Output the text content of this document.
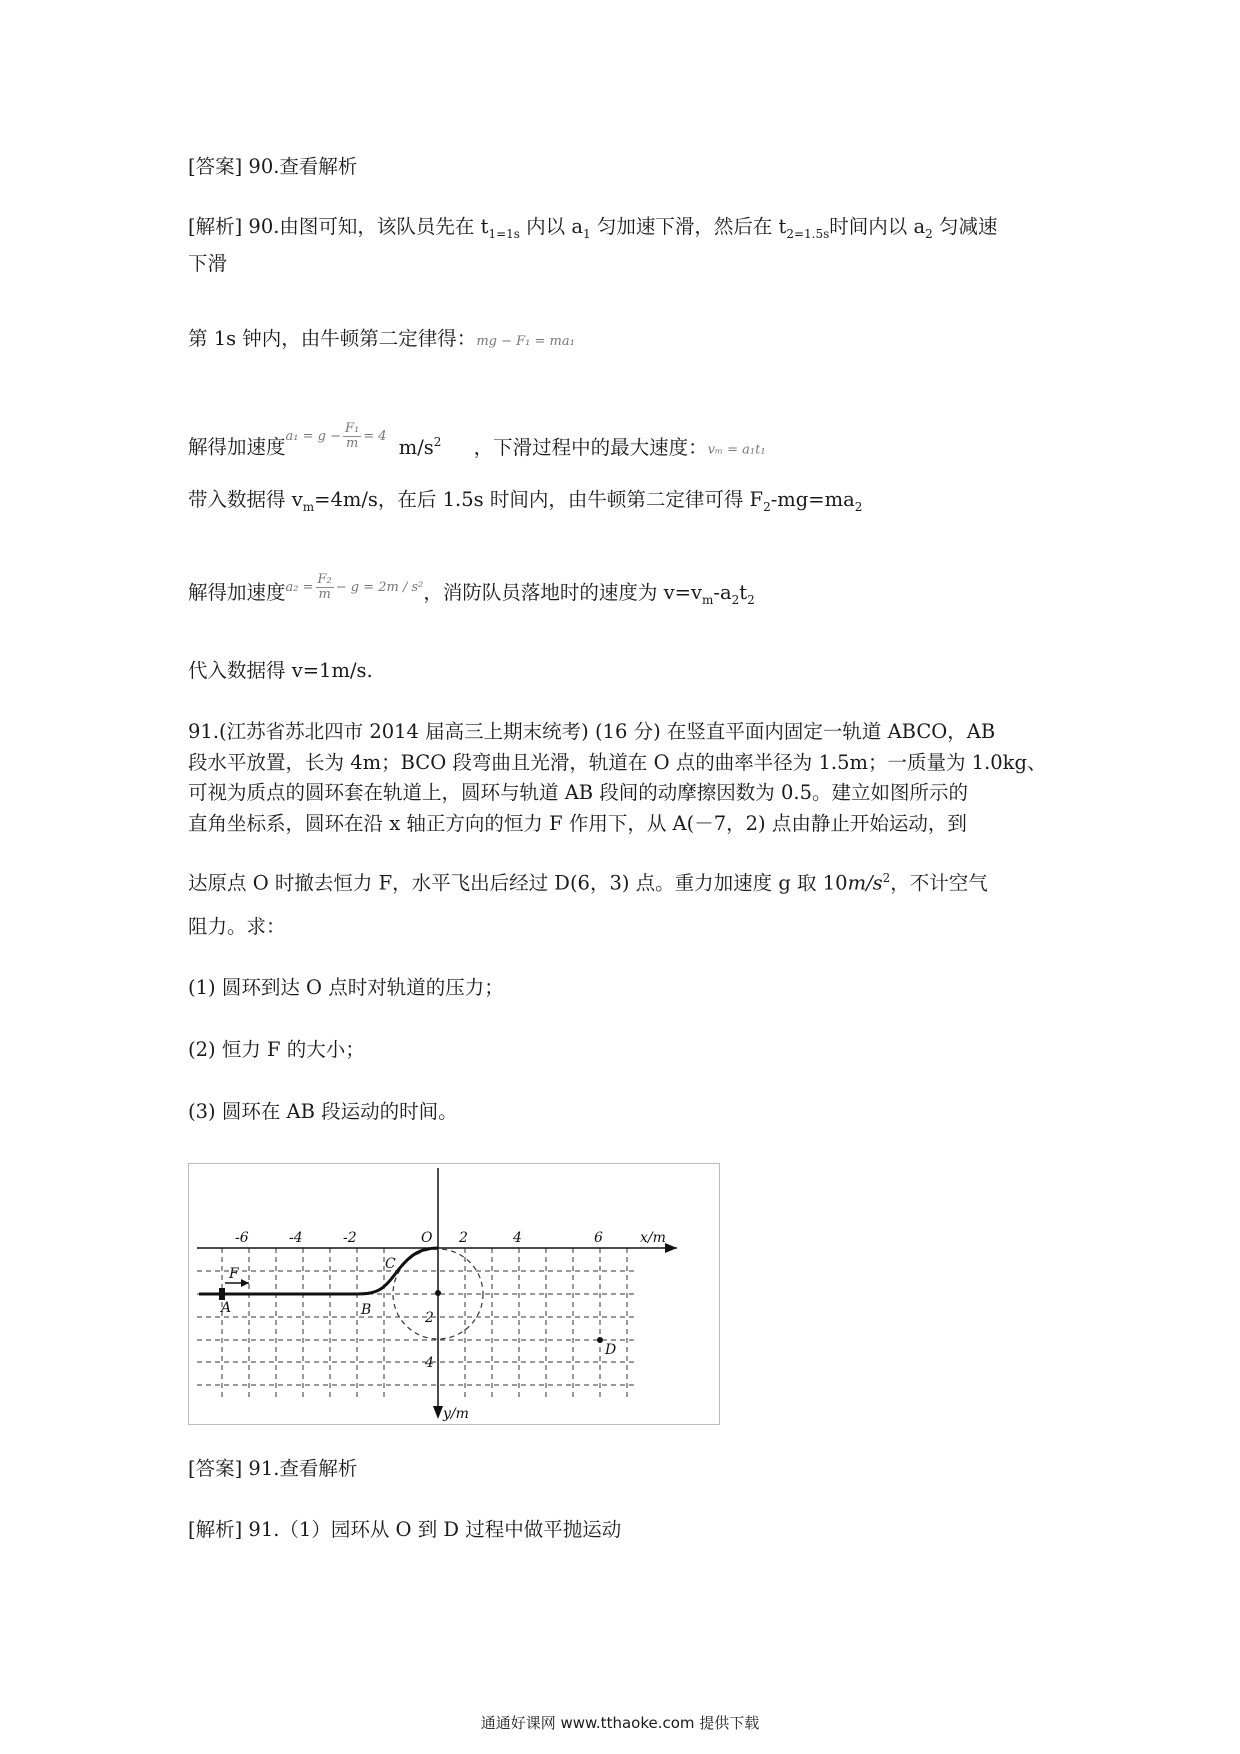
[答案] 90.查看解析
[解析] 90.由图可知，该队员先在 $t_{1=1s}$ 内以 $a_1$ 匀加速下滑，然后在 $t_{2=1.5s}$时间内以 $a_2$ 匀减速
下滑
第 1s 钟内，由牛顿第二定律得：mg − F₁ = ma₁
解得加速度$^{a_1 = g - \frac{\text{F₁}}{m} = 4}$ $m/s^2$ ，下滑过程中的最大速度：vₘ = a₁t₁
带入数据得 $v_m=4m/s$，在后 1.5s 时间内，由牛顿第二定律可得 $F_2-mg=ma_2$
解得加速度$^{a_2 = \frac{\text{F₂}}{m} - g = 2m / s^2}$，消防队员落地时的速度为 $v=v_m-a_2t_2$
代入数据得 v=1m/s.
91.(江苏省苏北四市 2014 届高三上期末统考) (16 分) 在竖直平面内固定一轨道 ABCO，AB
段水平放置，长为 4m；BCO 段弯曲且光滑，轨道在 O 点的曲率半径为 1.5m；一质量为 1.0kg、
可视为质点的圆环套在轨道上，圆环与轨道 AB 段间的动摩擦因数为 0.5。建立如图所示的
直角坐标系，圆环在沿 x 轴正方向的恒力 F 作用下，从 A(－7，2) 点由静止开始运动，到
达原点 O 时撤去恒力 F，水平飞出后经过 D(6，3) 点。重力加速度 g 取 $10m/s^2$，不计空气
阻力。求：
(1) 圆环到达 O 点时对轨道的压力；
(2) 恒力 F 的大小；
(3) 圆环在 AB 段运动的时间。
-6	-4	-2	2	4	6
O	x/m
2
4
y/m
A	B
C
D
F
[答案] 91.查看解析
[解析] 91.（1）园环从 O 到 D 过程中做平抛运动
通通好课网 www.tthaoke.com 提供下载
